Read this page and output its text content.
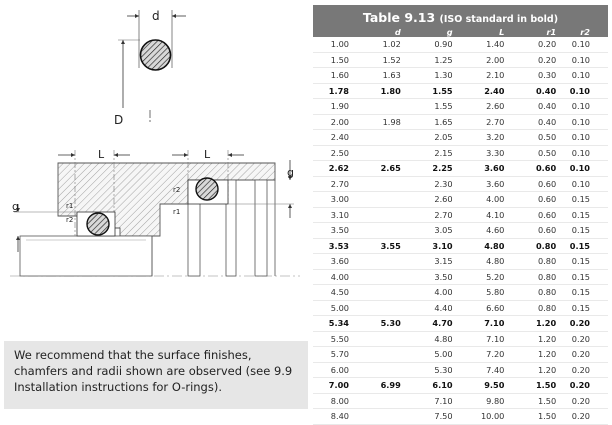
d
D
L	L
g
g
r1
r2
r2
r1
We recommend that the surface finishes, chamfers and radii shown are observed (see 9.9 Installation instructions for O-rings).
Table 9.13 (ISO standard in bold)
	d	g	L	r1	r2
1.00	1.02	0.90	1.40	0.20	0.10
1.50	1.52	1.25	2.00	0.20	0.10
1.60	1.63	1.30	2.10	0.30	0.10
1.78	1.80	1.55	2.40	0.40	0.10
1.90		1.55	2.60	0.40	0.10
2.00	1.98	1.65	2.70	0.40	0.10
2.40		2.05	3.20	0.50	0.10
2.50		2.15	3.30	0.50	0.10
2.62	2.65	2.25	3.60	0.60	0.10
2.70		2.30	3.60	0.60	0.10
3.00		2.60	4.00	0.60	0.15
3.10		2.70	4.10	0.60	0.15
3.50		3.05	4.60	0.60	0.15
3.53	3.55	3.10	4.80	0.80	0.15
3.60		3.15	4.80	0.80	0.15
4.00		3.50	5.20	0.80	0.15
4.50		4.00	5.80	0.80	0.15
5.00		4.40	6.60	0.80	0.15
5.34	5.30	4.70	7.10	1.20	0.20
5.50		4.80	7.10	1.20	0.20
5.70		5.00	7.20	1.20	0.20
6.00		5.30	7.40	1.20	0.20
7.00	6.99	6.10	9.50	1.50	0.20
8.00		7.10	9.80	1.50	0.20
8.40		7.50	10.00	1.50	0.20
